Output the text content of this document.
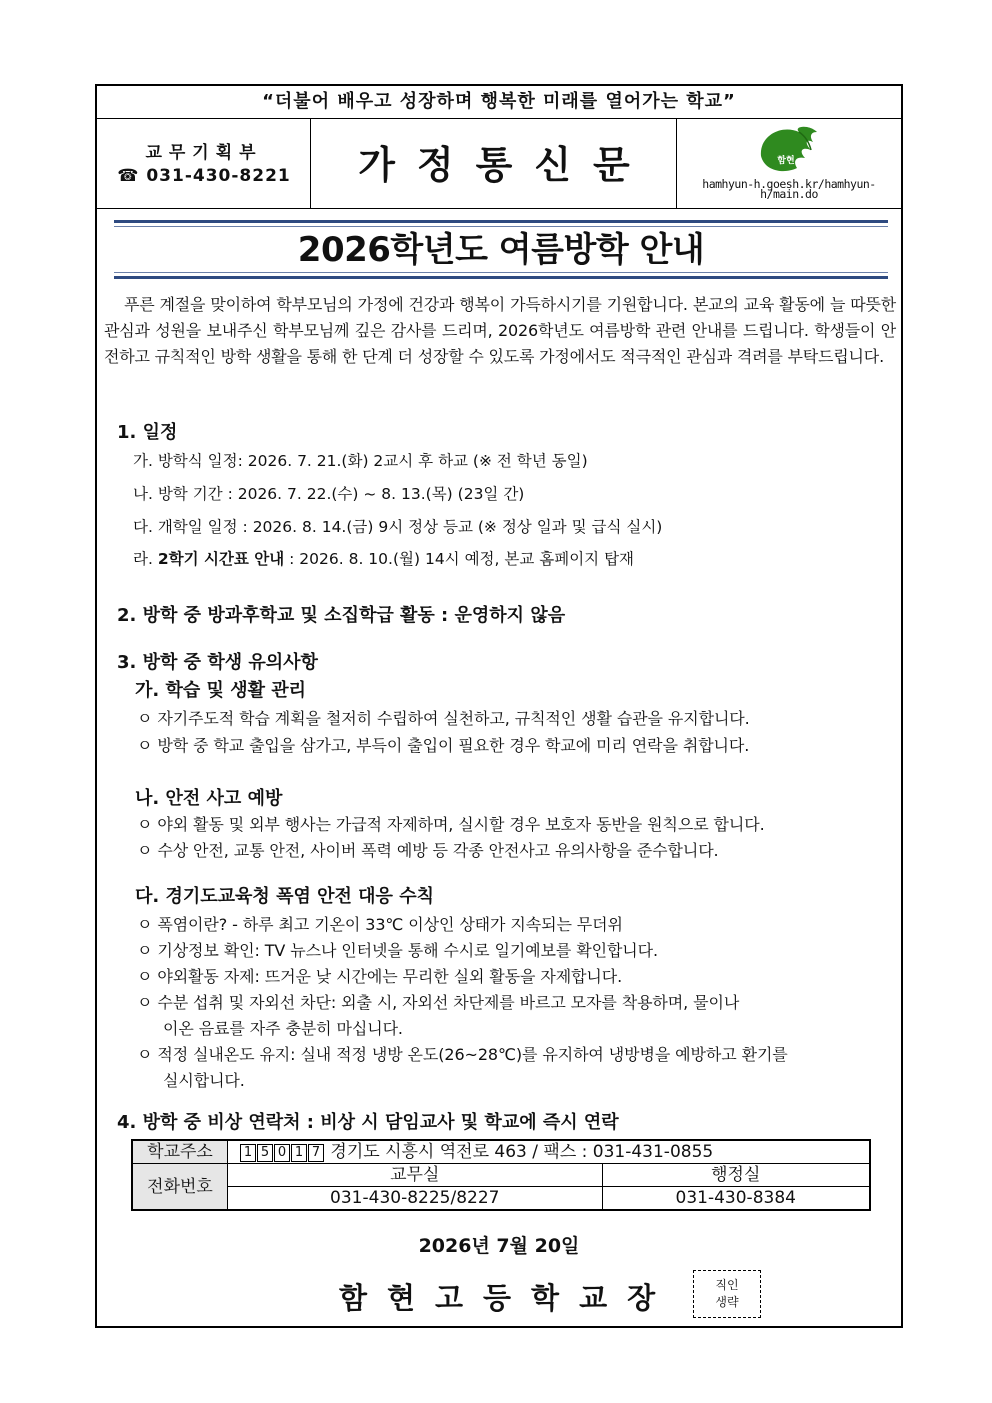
“더불어 배우고 성장하며 행복한 미래를 열어가는 학교”
교무기획부
☎ 031-430-8221	가정통신문	함현
hamhyun-h.goesh.kr/hamhyun-h/main.do
2026학년도 여름방학 안내
푸른 계절을 맞이하여 학부모님의 가정에 건강과 행복이 가득하시기를 기원합니다. 본교의 교육 활동에 늘 따뜻한 관심과 성원을 보내주신 학부모님께 깊은 감사를 드리며, 2026학년도 여름방학 관련 안내를 드립니다. 학생들이 안전하고 규칙적인 방학 생활을 통해 한 단계 더 성장할 수 있도록 가정에서도 적극적인 관심과 격려를 부탁드립니다.
1. 일정
가. 방학식 일정: 2026. 7. 21.(화) 2교시 후 하교 (※ 전 학년 동일)
나. 방학 기간 : 2026. 7. 22.(수) ~ 8. 13.(목) (23일 간)
다. 개학일 일정 : 2026. 8. 14.(금) 9시 정상 등교 (※ 정상 일과 및 급식 실시)
라. 2학기 시간표 안내 : 2026. 8. 10.(월) 14시 예정, 본교 홈페이지 탑재
2. 방학 중 방과후학교 및 소집학급 활동 : 운영하지 않음
3. 방학 중 학생 유의사항
가. 학습 및 생활 관리
ㅇ 자기주도적 학습 계획을 철저히 수립하여 실천하고, 규칙적인 생활 습관을 유지합니다.
ㅇ 방학 중 학교 출입을 삼가고, 부득이 출입이 필요한 경우 학교에 미리 연락을 취합니다.
나. 안전 사고 예방
ㅇ 야외 활동 및 외부 행사는 가급적 자제하며, 실시할 경우 보호자 동반을 원칙으로 합니다.
ㅇ 수상 안전, 교통 안전, 사이버 폭력 예방 등 각종 안전사고 유의사항을 준수합니다.
다. 경기도교육청 폭염 안전 대응 수칙
ㅇ 폭염이란? - 하루 최고 기온이 33℃ 이상인 상태가 지속되는 무더위
ㅇ 기상정보 확인: TV 뉴스나 인터넷을 통해 수시로 일기예보를 확인합니다.
ㅇ 야외활동 자제: 뜨거운 낮 시간에는 무리한 실외 활동을 자제합니다.
ㅇ 수분 섭취 및 자외선 차단: 외출 시, 자외선 차단제를 바르고 모자를 착용하며, 물이나
이온 음료를 자주 충분히 마십니다.
ㅇ 적정 실내온도 유지: 실내 적정 냉방 온도(26~28℃)를 유지하여 냉방병을 예방하고 환기를
실시합니다.
4. 방학 중 비상 연락처 : 비상 시 담임교사 및 학교에 즉시 연락
학교주소	1 5 0 1 7 경기도 시흥시 역전로 463 / 팩스 : 031-431-0855	
전화번호	교무실	행정실
	031-430-8225/8227	031-430-8384
2026년 7월 20일
함현고등학교장	직인
생략
